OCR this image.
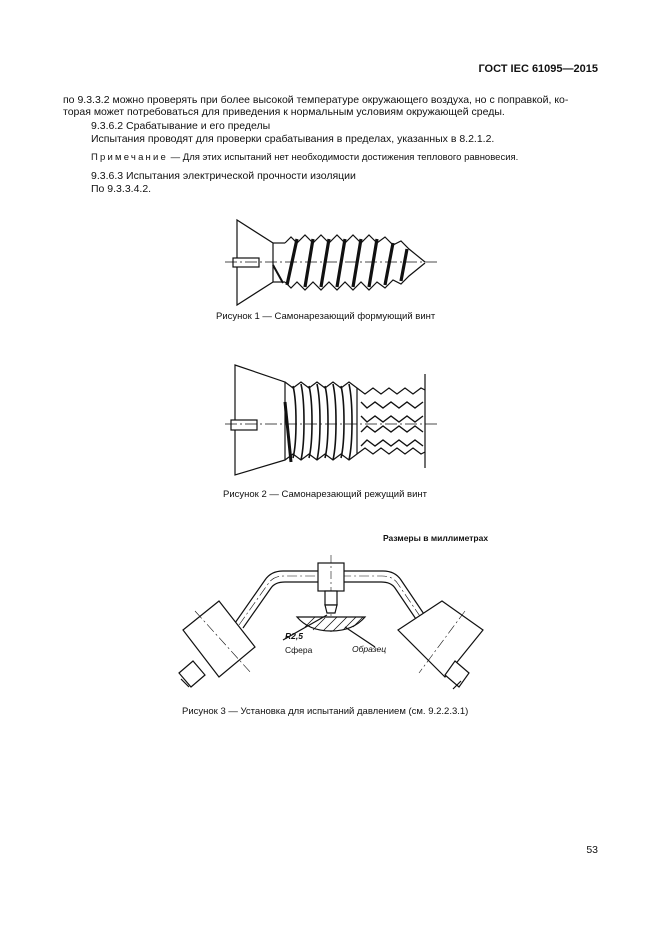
ГОСТ IEC 61095—2015
по 9.3.3.2 можно проверять при более высокой температуре окружающего воздуха, но с поправкой, ко-
торая может потребоваться для приведения к нормальным условиям окружающей среды.
9.3.6.2 Срабатывание и его пределы
Испытания проводят для проверки срабатывания в пределах, указанных в 8.2.1.2.
Примечание — Для этих испытаний нет необходимости достижения теплового равновесия.
9.3.6.3 Испытания электрической прочности изоляции
По 9.3.3.4.2.
Рисунок 1 — Самонарезающий формующий винт
Рисунок 2 — Самонарезающий режущий винт
Размеры в миллиметрах
R2,5
Сфера	Образец
Рисунок 3 — Установка для испытаний давлением (см. 9.2.2.3.1)
53
